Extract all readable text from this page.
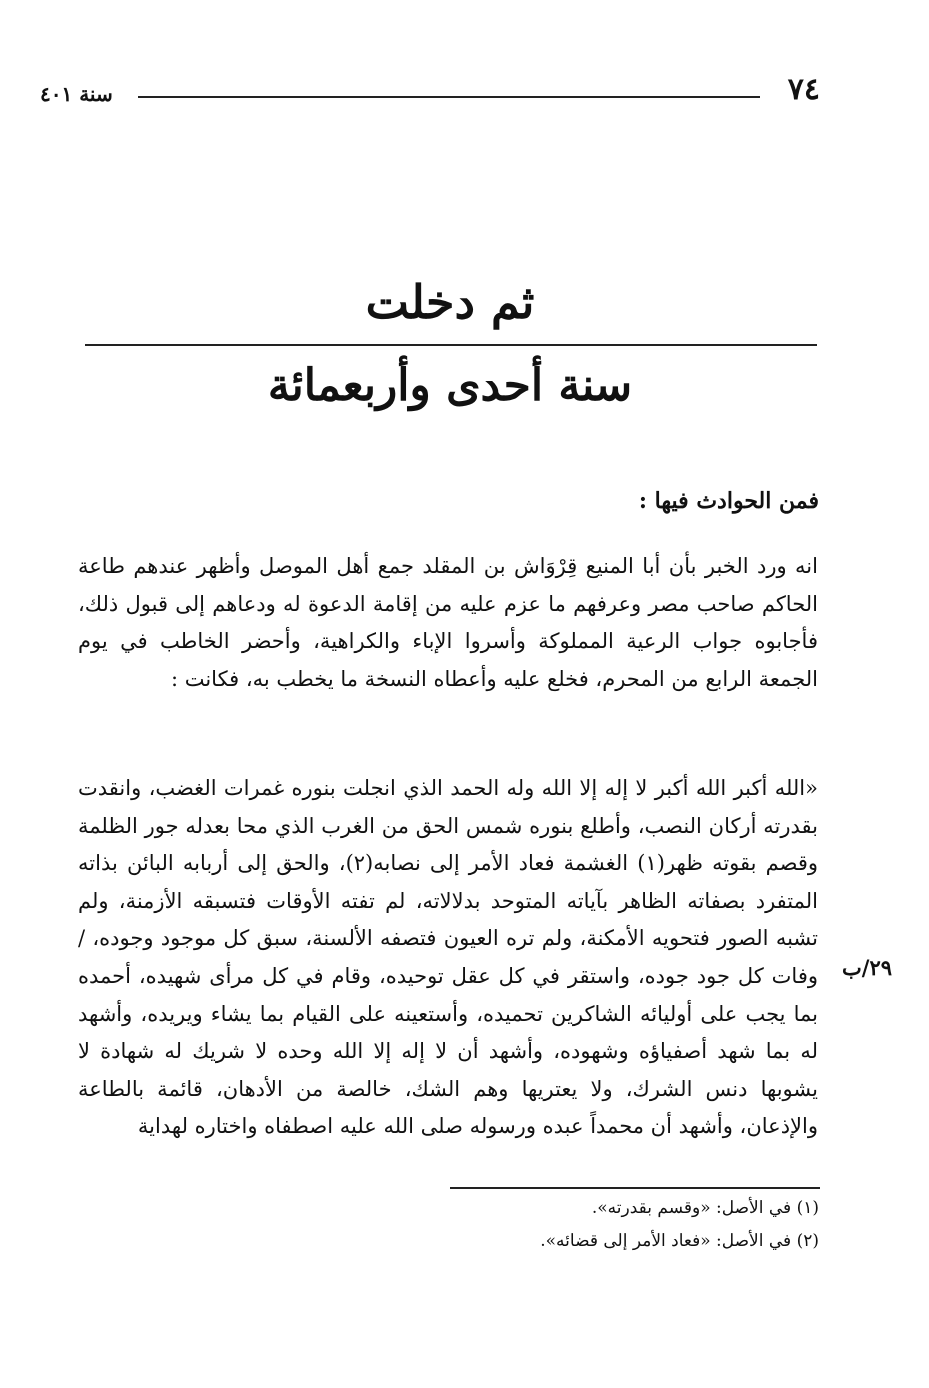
سنة ٤٠١	٧٤
ثم دخلت
سنة أحدى وأربعمائة
فمن الحوادث فيها :

انه ورد الخبر بأن أبا المنيع قِرْوَاش بن المقلد جمع أهل الموصل وأظهر عندهم طاعة الحاكم صاحب مصر وعرفهم ما عزم عليه من إقامة الدعوة له ودعاهم إلى قبول ذلك، فأجابوه جواب الرعية المملوكة وأسروا الإباء والكراهية، وأحضر الخاطب في يوم الجمعة الرابع من المحرم، فخلع عليه وأعطاه النسخة ما يخطب به، فكانت :

«الله أكبر الله أكبر لا إله إلا الله وله الحمد الذي انجلت بنوره غمرات الغضب، وانقدت بقدرته أركان النصب، وأطلع بنوره شمس الحق من الغرب الذي محا بعدله جور الظلمة وقصم بقوته ظهر(١) الغشمة فعاد الأمر إلى نصابه(٢)، والحق إلى أربابه البائن بذاته المتفرد بصفاته الظاهر بآياته المتوحد بدلالاته، لم تفته الأوقات فتسبقه الأزمنة، ولم تشبه الصور فتحويه الأمكنة، ولم تره العيون فتصفه الألسنة، سبق كل موجود وجوده، / وفات كل جود جوده، واستقر في كل عقل توحيده، وقام في كل مرأى شهيده، أحمده بما يجب على أوليائه الشاكرين تحميده، وأستعينه على القيام بما يشاء ويريده، وأشهد له بما شهد أصفياؤه وشهوده، وأشهد أن لا إله إلا الله وحده لا شريك له شهادة لا يشوبها دنس الشرك، ولا يعتريها وهم الشك، خالصة من الأدهان، قائمة بالطاعة والإذعان، وأشهد أن محمداً عبده ورسوله صلى الله عليه اصطفاه واختاره لهداية

٢٩/ب
(١) في الأصل: «وقسم بقدرته».
(٢) في الأصل: «فعاد الأمر إلى قضائه».
